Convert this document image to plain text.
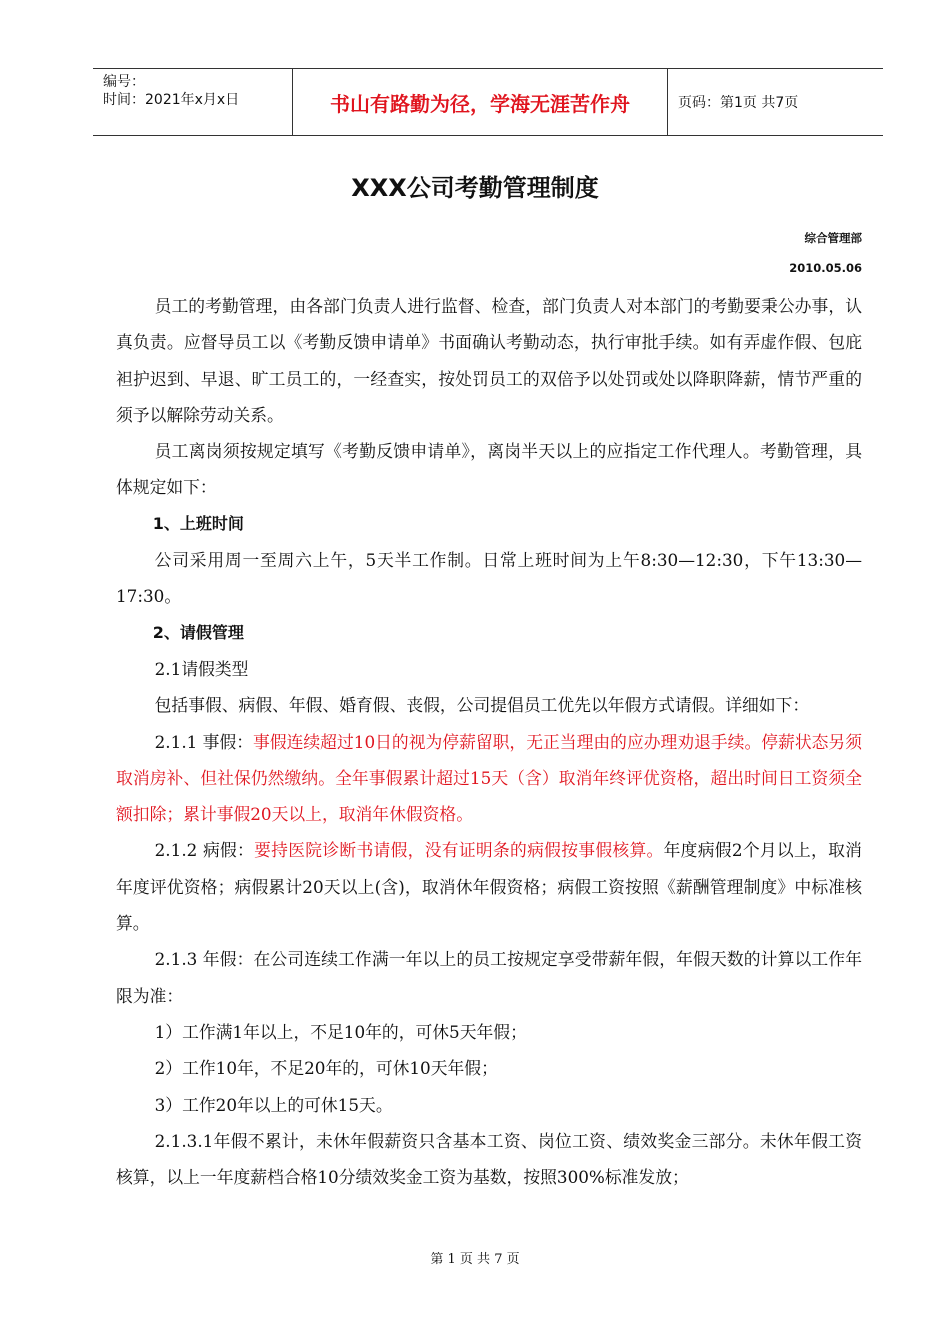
编号：
时间：2021年x月x日	书山有路勤为径，学海无涯苦作舟	页码：第1页 共7页
XXX公司考勤管理制度
综合管理部
2010.05.06

员工的考勤管理，由各部门负责人进行监督、检查，部门负责人对本部门的考勤要秉公办事，认真负责。应督导员工以《考勤反馈申请单》书面确认考勤动态，执行审批手续。如有弄虚作假、包庇袒护迟到、早退、旷工员工的，一经查实，按处罚员工的双倍予以处罚或处以降职降薪，情节严重的须予以解除劳动关系。

员工离岗须按规定填写《考勤反馈申请单》，离岗半天以上的应指定工作代理人。考勤管理，具体规定如下：

1、上班时间

公司采用周一至周六上午，5天半工作制。日常上班时间为上午8:30—12:30，下午13:30—17:30。

2、请假管理

2.1请假类型

包括事假、病假、年假、婚育假、丧假，公司提倡员工优先以年假方式请假。详细如下：

2.1.1 事假：事假连续超过10日的视为停薪留职，无正当理由的应办理劝退手续。停薪状态另须取消房补、但社保仍然缴纳。全年事假累计超过15天（含）取消年终评优资格，超出时间日工资须全额扣除；累计事假20天以上，取消年休假资格。

2.1.2 病假：要持医院诊断书请假，没有证明条的病假按事假核算。年度病假2个月以上，取消年度评优资格；病假累计20天以上(含)，取消休年假资格；病假工资按照《薪酬管理制度》中标准核算。

2.1.3 年假：在公司连续工作满一年以上的员工按规定享受带薪年假，年假天数的计算以工作年限为准：

1）工作满1年以上，不足10年的，可休5天年假；

2）工作10年，不足20年的，可休10天年假；

3）工作20年以上的可休15天。

2.1.3.1年假不累计，未休年假薪资只含基本工资、岗位工资、绩效奖金三部分。未休年假工资核算，以上一年度薪档合格10分绩效奖金工资为基数，按照300%标准发放；

第 1 页 共 7 页
